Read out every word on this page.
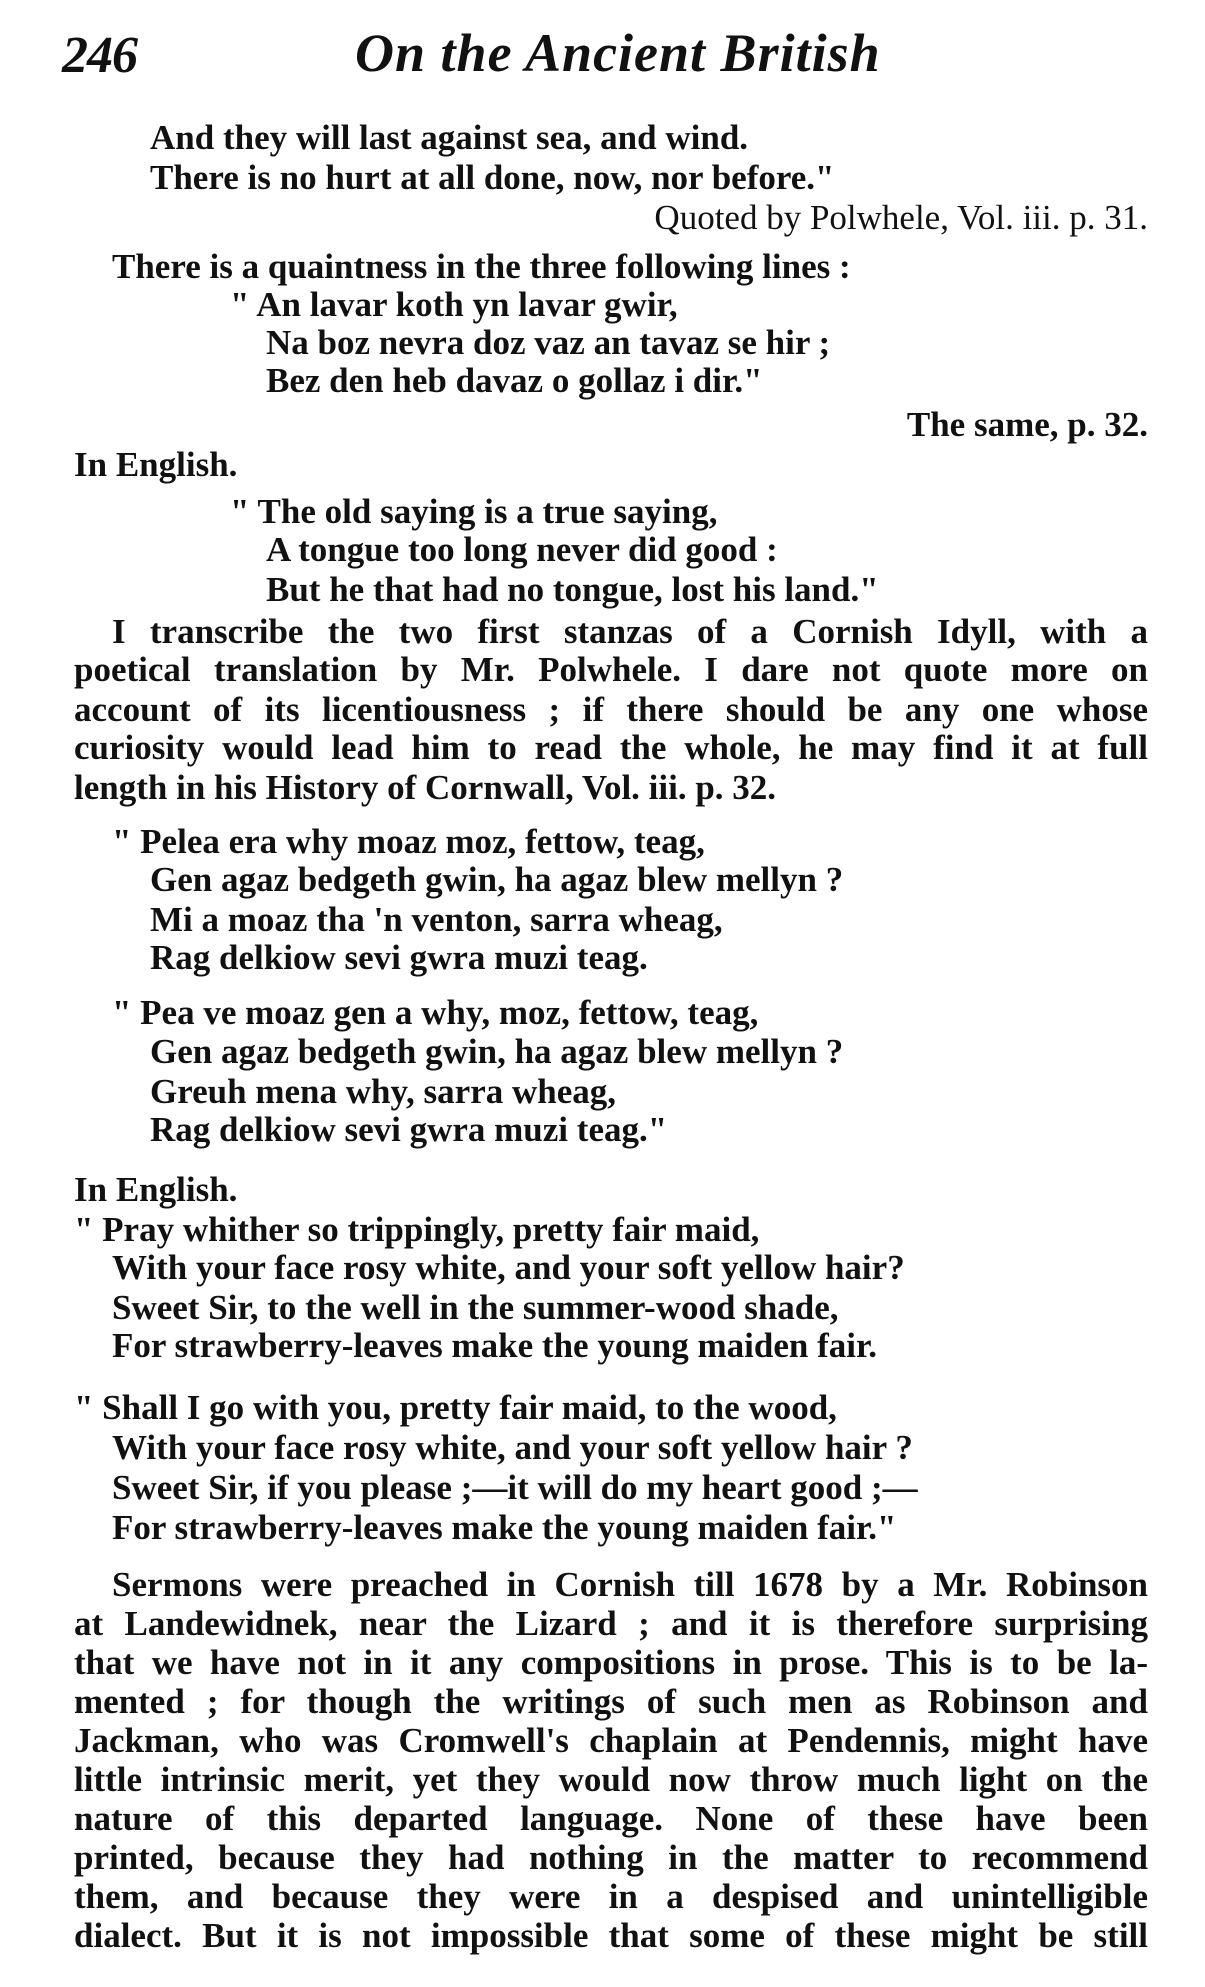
246	On the Ancient British
And they will last against sea, and wind.
There is no hurt at all done, now, nor before."
Quoted by Polwhele, Vol. iii. p. 31.
There is a quaintness in the three following lines :
" An lavar koth yn lavar gwir,
Na boz nevra doz vaz an tavaz se hir ;
Bez den heb davaz o gollaz i dir."
The same, p. 32.
In English.
" The old saying is a true saying,
A tongue too long never did good :
But he that had no tongue, lost his land."
I transcribe the two first stanzas of a Cornish Idyll, with a
poetical translation by Mr. Polwhele. I dare not quote more on
account of its licentiousness ; if there should be any one whose
curiosity would lead him to read the whole, he may find it at full
length in his History of Cornwall, Vol. iii. p. 32.
" Pelea era why moaz moz, fettow, teag,
Gen agaz bedgeth gwin, ha agaz blew mellyn ?
Mi a moaz tha 'n venton, sarra wheag,
Rag delkiow sevi gwra muzi teag.
" Pea ve moaz gen a why, moz, fettow, teag,
Gen agaz bedgeth gwin, ha agaz blew mellyn ?
Greuh mena why, sarra wheag,
Rag delkiow sevi gwra muzi teag."
In English.
" Pray whither so trippingly, pretty fair maid,
With your face rosy white, and your soft yellow hair?
Sweet Sir, to the well in the summer-wood shade,
For strawberry-leaves make the young maiden fair.
" Shall I go with you, pretty fair maid, to the wood,
With your face rosy white, and your soft yellow hair ?
Sweet Sir, if you please ;—it will do my heart good ;—
For strawberry-leaves make the young maiden fair."
Sermons were preached in Cornish till 1678 by a Mr. Robinson
at Landewidnek, near the Lizard ; and it is therefore surprising
that we have not in it any compositions in prose. This is to be la-
mented ; for though the writings of such men as Robinson and
Jackman, who was Cromwell's chaplain at Pendennis, might have
little intrinsic merit, yet they would now throw much light on the
nature of this departed language. None of these have been
printed, because they had nothing in the matter to recommend
them, and because they were in a despised and unintelligible
dialect. But it is not impossible that some of these might be still
